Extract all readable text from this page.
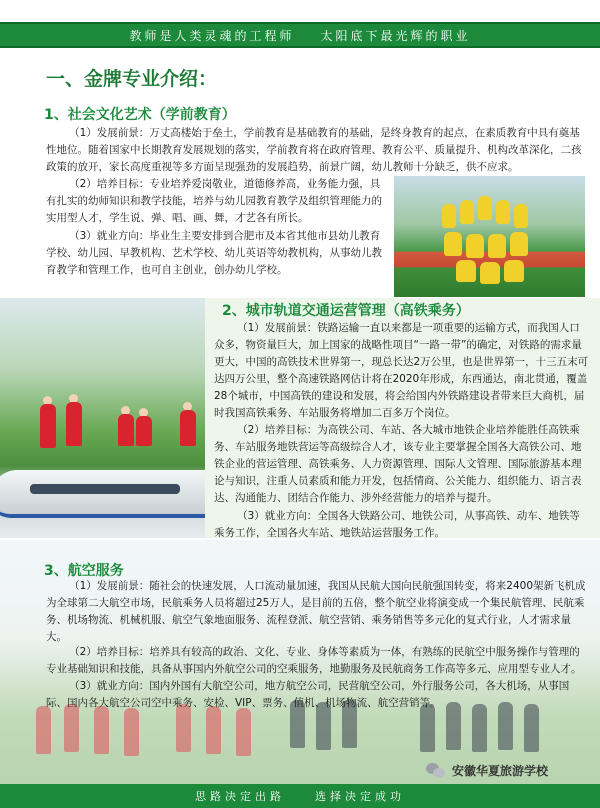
教师是人类灵魂的工程师 太阳底下最光辉的职业
一、金牌专业介绍：
1、社会文化艺术（学前教育）

（1）发展前景：万丈高楼始于垒土，学前教育是基础教育的基础，是终身教育的起点，在素质教育中具有奠基性地位。随着国家中长期教育发展规划的落实，学前教育将在政府管理、教育公平、质量提升、机构改革深化，二孩政策的放开，家长高度重视等多方面呈现强劲的发展趋势，前景广阔，幼儿教师十分缺乏，供不应求。

（2）培养目标：专业培养爱岗敬业，道德修养高，业务能力强，具有扎实的幼师知识和教学技能，培养与幼儿园教育教学及组织管理能力的实用型人才，学生说、弹、唱、画、舞，才艺各有所长。

（3）就业方向：毕业生主要安排到合肥市及本省其他市县幼儿教育学校、幼儿园、早教机构、艺术学校、幼儿英语等幼教机构，从事幼儿教育教学和管理工作，也可自主创业，创办幼儿学校。

2、城市轨道交通运营管理（高铁乘务）

（1）发展前景：铁路运输一直以来都是一项重要的运输方式，而我国人口众多，物资量巨大，加上国家的战略性项目“一路一带”的确定，对铁路的需求量更大，中国的高铁技术世界第一，现总长达2万公里，也是世界第一，十三五末可达四万公里，整个高速铁路网估计将在2020年形成，东西通达，南北贯通，覆盖28个城市，中国高铁的建设和发展，将会给国内外铁路建设者带来巨大商机，届时我国高铁乘务、车站服务将增加二百多万个岗位。

（2）培养目标：为高铁公司、车站、各大城市地铁企业培养能胜任高铁乘务、车站服务地铁营运等高级综合人才，该专业主要掌握全国各大高铁公司、地铁企业的营运管理、高铁乘务、人力资源管理、国际人文管理、国际旅游基本理论与知识，注重人员素质和能力开发，包括情商、公关能力、组织能力、语言表达、沟通能力、团结合作能力、涉外经营能力的培养与提升。

（3）就业方向：全国各大铁路公司、地铁公司，从事高铁、动车、地铁等乘务工作，全国各火车站、地铁站运营服务工作。

3、航空服务

（1）发展前景：随社会的快速发展，人口流动量加速，我国从民航大国向民航强国转变，将来2400架新飞机成为全球第二大航空市场，民航乘务人员将超过25万人，是目前的五倍，整个航空业将演变成一个集民航管理、民航乘务、机场物流、机械机服、航空气象地面服务、流程登派、航空营销、乘务销售等多元化的复式行业，人才需求量大。

（2）培养目标：培养具有较高的政治、文化、专业、身体等素质为一体，有熟练的民航空中服务操作与管理的专业基础知识和技能，具备从事国内外航空公司的空乘服务，地勤服务及民航商务工作高等多元、应用型专业人才。

（3）就业方向：国内外国有大航空公司，地方航空公司，民营航空公司，外行服务公司，各大机场，从事国际、国内各大航空公司空中乘务、安检、VIP、票务、值机、机场物流、航空营销等。

安徽华夏旅游学校
思路决定出路	选择决定成功
